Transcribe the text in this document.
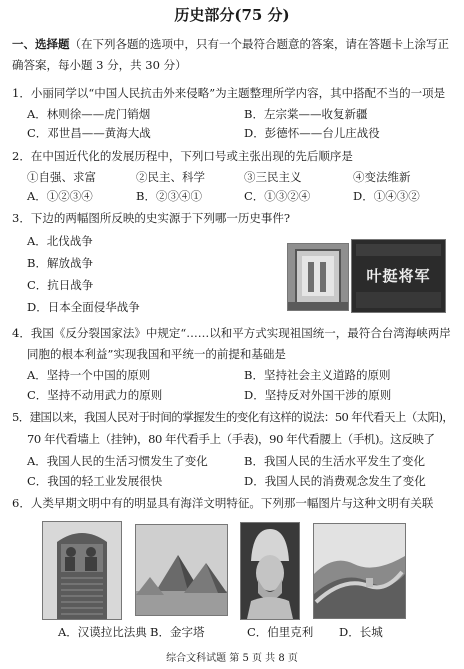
历史部分(75 分)
一、选择题（在下列各题的选项中，只有一个最符合题意的答案，请在答题卡上涂写正
确答案，每小题 3 分，共 30 分）
1．小丽同学以“中国人民抗击外来侵略”为主题整理所学内容，其中搭配不当的一项是
A．林则徐——虎门销烟	B．左宗棠——收复新疆
C．邓世昌——黄海大战	D．彭德怀——台儿庄战役
2．在中国近代化的发展历程中，下列口号或主张出现的先后顺序是
①自强、求富	②民主、科学	③三民主义	④变法维新
A．①②③④	B．②③④①	C．①③②④	D．①④③②
3．下边的两幅图所反映的史实源于下列哪一历史事件?
A．北伐战争
B．解放战争
C．抗日战争
D．日本全面侵华战争
叶挺将军
4．我国《反分裂国家法》中规定“……以和平方式实现祖国统一，最符合台湾海峡两岸
同胞的根本利益”实现我国和平统一的前提和基础是
A．坚持一个中国的原则	B．坚持社会主义道路的原则
C．坚持不动用武力的原则	D．坚持反对外国干涉的原则
5．建国以来，我国人民对于时间的掌握发生的变化有这样的说法：50 年代看天上（太阳)，
70 年代看墙上（挂钟)，80 年代看手上（手表)，90 年代看腰上（手机)。这反映了
A．我国人民的生活习惯发生了变化	B．我国人民的生活水平发生了变化
C．我国的轻工业发展很快	D．我国人民的消费观念发生了变化
6．人类早期文明中有的明显具有海洋文明特征。下列那一幅图片与这种文明有关联
A．汉谟拉比法典 B．金字塔	C．伯里克利 D．长城
综合文科试题 第 5 页 共 8 页
